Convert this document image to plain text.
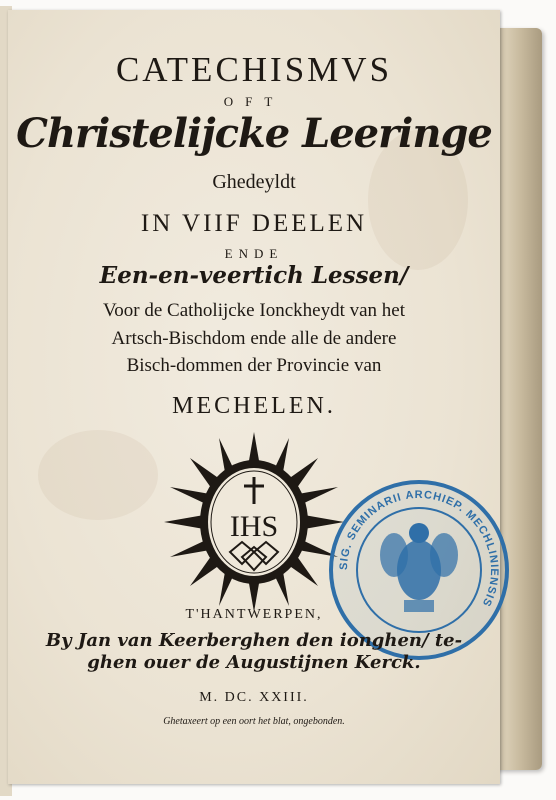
CATECHISMVS
OFT
Christelijcke Leeringe
Ghedeyldt
IN VIIF DEELEN
ENDE
Een-en-veertich Lessen/
Voor de Catholijcke Ionckheydt van het
Artsch-Bischdom ende alle de andere
Bisch-dommen der Provincie van
MECHELEN.
IHS
SIG. SEMINARII ARCHIEP. MECHLINIENSIS
T'HANTWERPEN,
By Jan van Keerberghen den ionghen/ te-
ghen ouer de Augustijnen Kerck.
M. DC. XXIII.
Ghetaxeert op een oort het blat, ongebonden.
